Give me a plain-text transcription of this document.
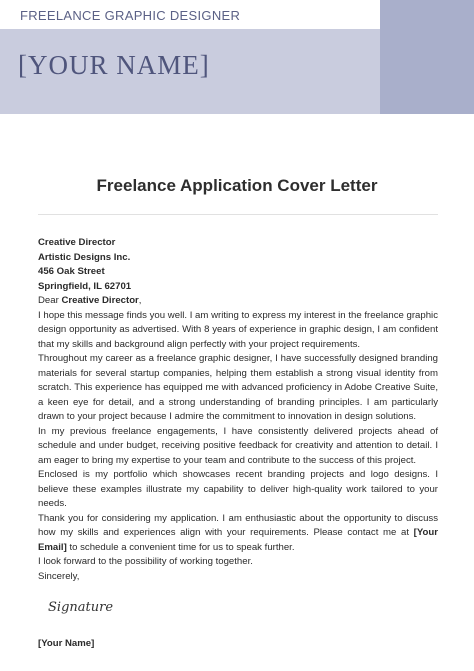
FREELANCE GRAPHIC DESIGNER
[YOUR NAME]
Freelance Application Cover Letter
Creative Director
Artistic Designs Inc.
456 Oak Street
Springfield, IL 62701
Dear Creative Director,

I hope this message finds you well. I am writing to express my interest in the freelance graphic design opportunity as advertised. With 8 years of experience in graphic design, I am confident that my skills and background align perfectly with your project requirements.

Throughout my career as a freelance graphic designer, I have successfully designed branding materials for several startup companies, helping them establish a strong visual identity from scratch. This experience has equipped me with advanced proficiency in Adobe Creative Suite, a keen eye for detail, and a strong understanding of branding principles. I am particularly drawn to your project because I admire the commitment to innovation in design solutions.

In my previous freelance engagements, I have consistently delivered projects ahead of schedule and under budget, receiving positive feedback for creativity and attention to detail. I am eager to bring my expertise to your team and contribute to the success of this project.

Enclosed is my portfolio which showcases recent branding projects and logo designs. I believe these examples illustrate my capability to deliver high-quality work tailored to your needs.

Thank you for considering my application. I am enthusiastic about the opportunity to discuss how my skills and experiences align with your requirements. Please contact me at [Your Email] to schedule a convenient time for us to speak further.

I look forward to the possibility of working together.

Sincerely,
Signature
[Your Name]
